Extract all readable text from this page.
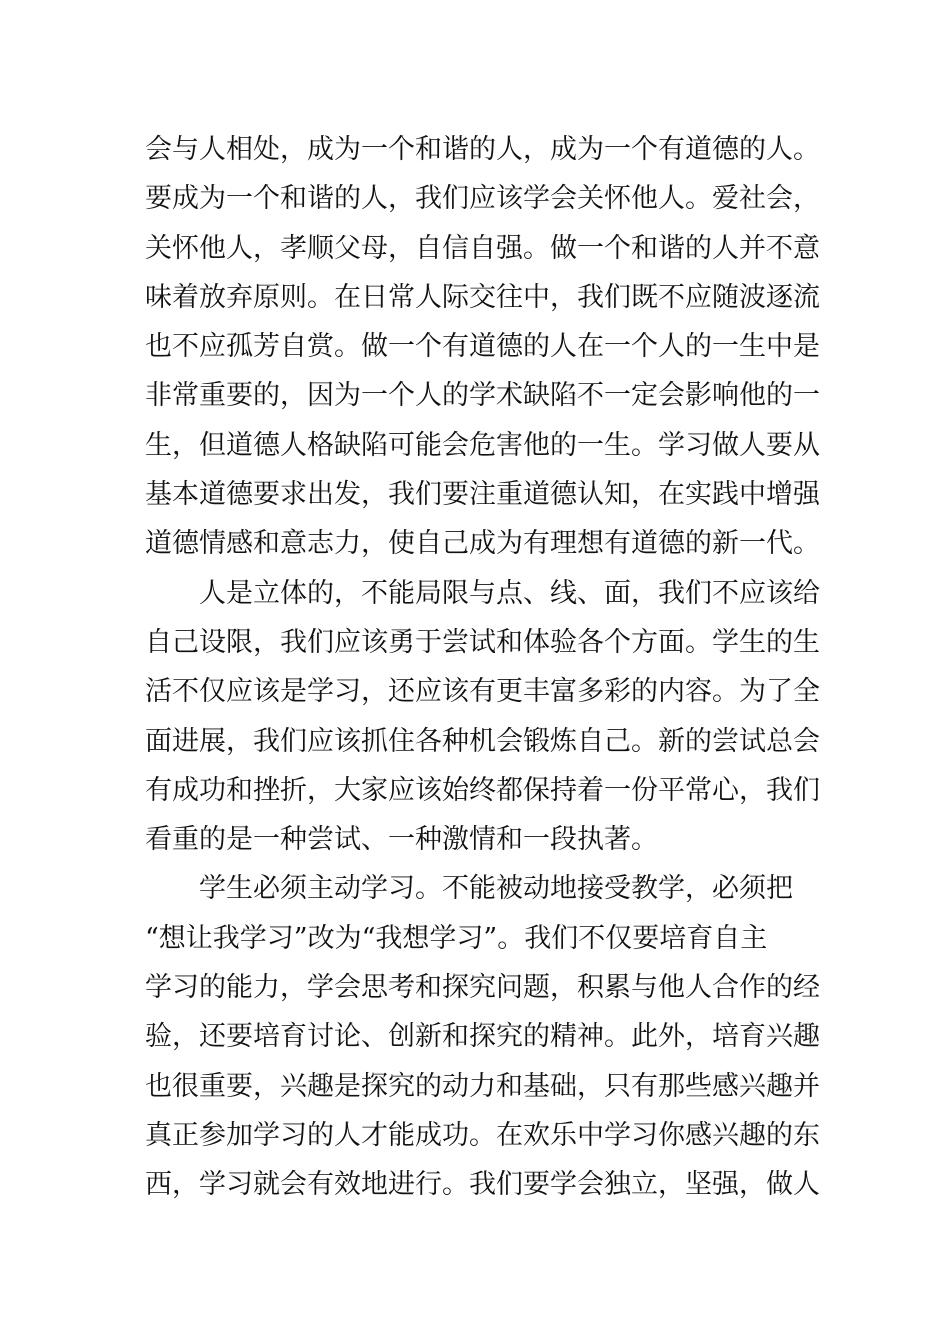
会与人相处，成为一个和谐的人，成为一个有道德的人。
要成为一个和谐的人，我们应该学会关怀他人。爱社会，
关怀他人，孝顺父母，自信自强。做一个和谐的人并不意
味着放弃原则。在日常人际交往中，我们既不应随波逐流
也不应孤芳自赏。做一个有道德的人在一个人的一生中是
非常重要的，因为一个人的学术缺陷不一定会影响他的一
生，但道德人格缺陷可能会危害他的一生。学习做人要从
基本道德要求出发，我们要注重道德认知，在实践中增强
道德情感和意志力，使自己成为有理想有道德的新一代。
人是立体的，不能局限与点、线、面，我们不应该给
自己设限，我们应该勇于尝试和体验各个方面。学生的生
活不仅应该是学习，还应该有更丰富多彩的内容。为了全
面进展，我们应该抓住各种机会锻炼自己。新的尝试总会
有成功和挫折，大家应该始终都保持着一份平常心，我们
看重的是一种尝试、一种激情和一段执著。
学生必须主动学习。不能被动地接受教学，必须把
“想让我学习”改为“我想学习”。我们不仅要培育自主
学习的能力，学会思考和探究问题，积累与他人合作的经
验，还要培育讨论、创新和探究的精神。此外，培育兴趣
也很重要，兴趣是探究的动力和基础，只有那些感兴趣并
真正参加学习的人才能成功。在欢乐中学习你感兴趣的东
西，学习就会有效地进行。我们要学会独立，坚强，做人
